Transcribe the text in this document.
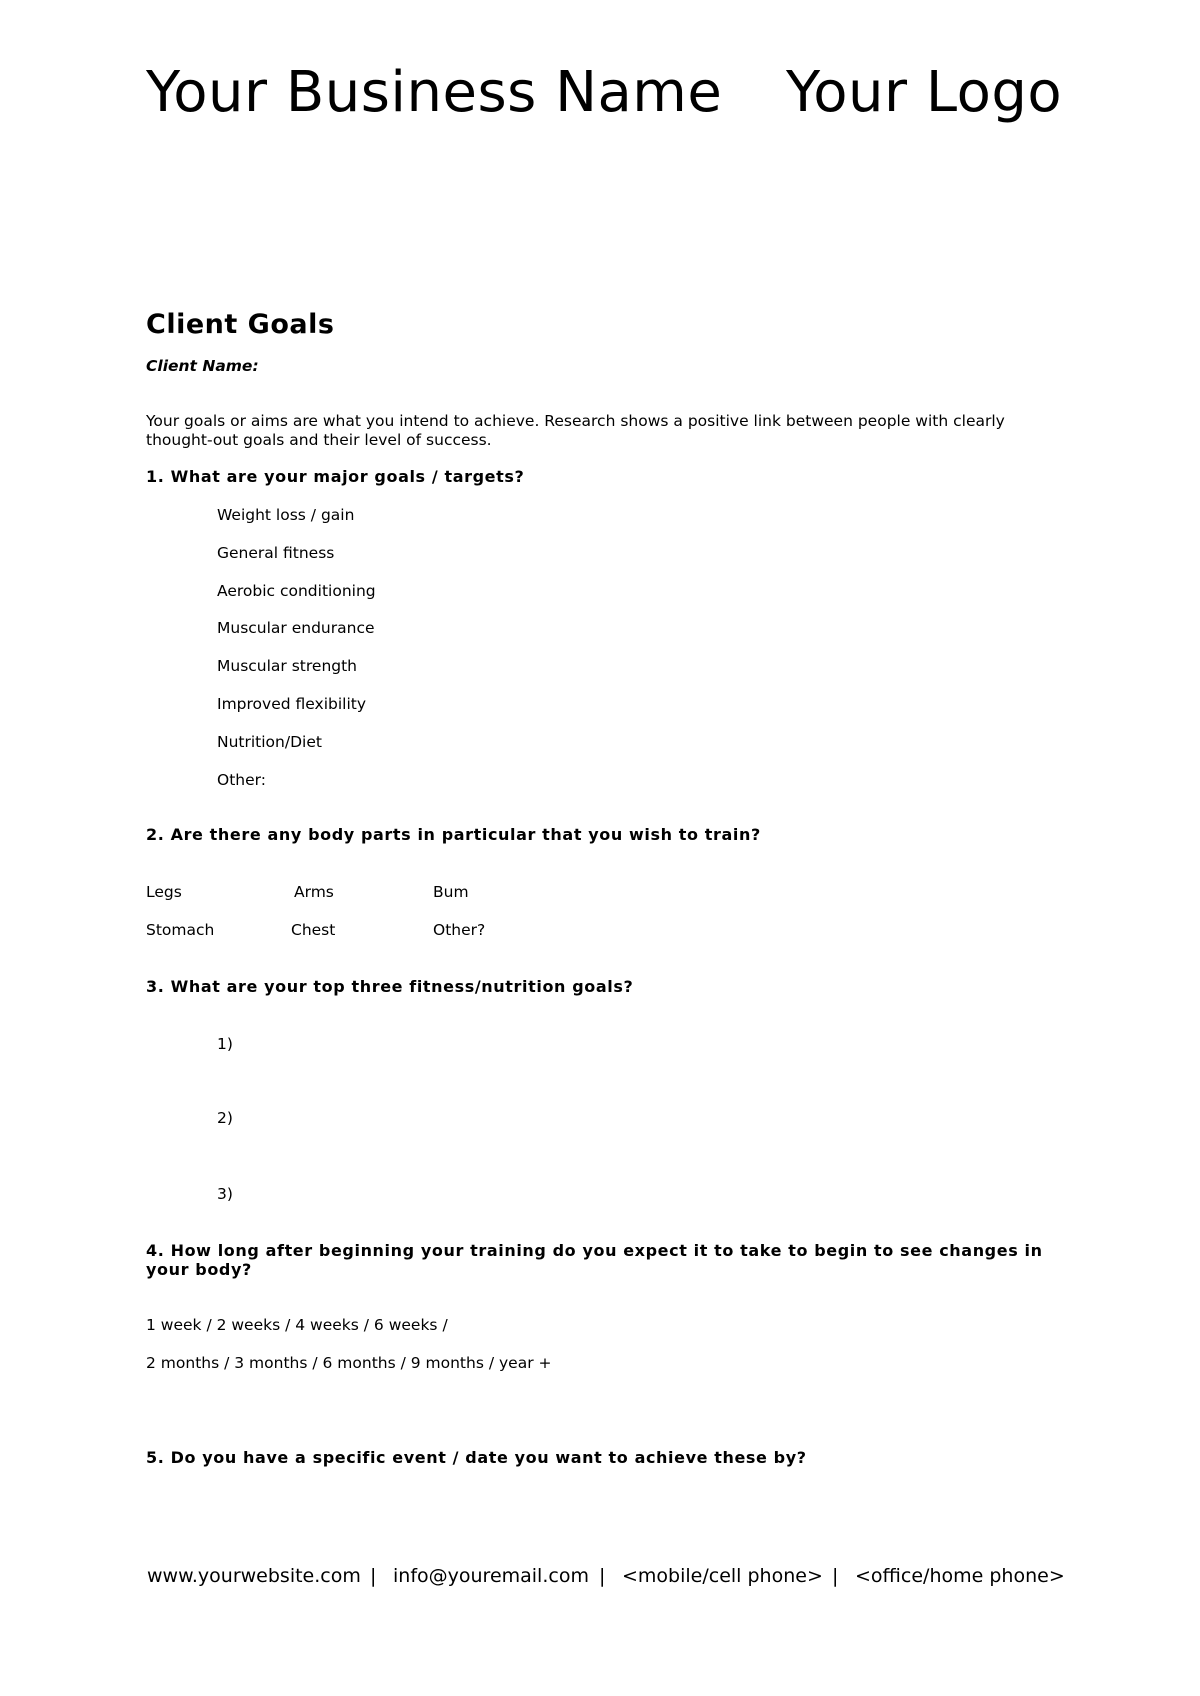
Your Business Name Your Logo
Client Goals
Client Name:
Your goals or aims are what you intend to achieve. Research shows a positive link between people with clearly thought-out goals and their level of success.
1. What are your major goals / targets?
Weight loss / gain
General fitness
Aerobic conditioning
Muscular endurance
Muscular strength
Improved flexibility
Nutrition/Diet
Other:
2. Are there any body parts in particular that you wish to train?
Legs	Arms	Bum
Stomach	Chest	Other?
3. What are your top three fitness/nutrition goals?
1)
2)
3)
4. How long after beginning your training do you expect it to take to begin to see changes in your body?
1 week / 2 weeks / 4 weeks / 6 weeks /
2 months / 3 months / 6 months / 9 months / year +
5. Do you have a specific event / date you want to achieve these by?
www.yourwebsite.com | info@youremail.com | <mobile/cell phone> | <office/home phone>
